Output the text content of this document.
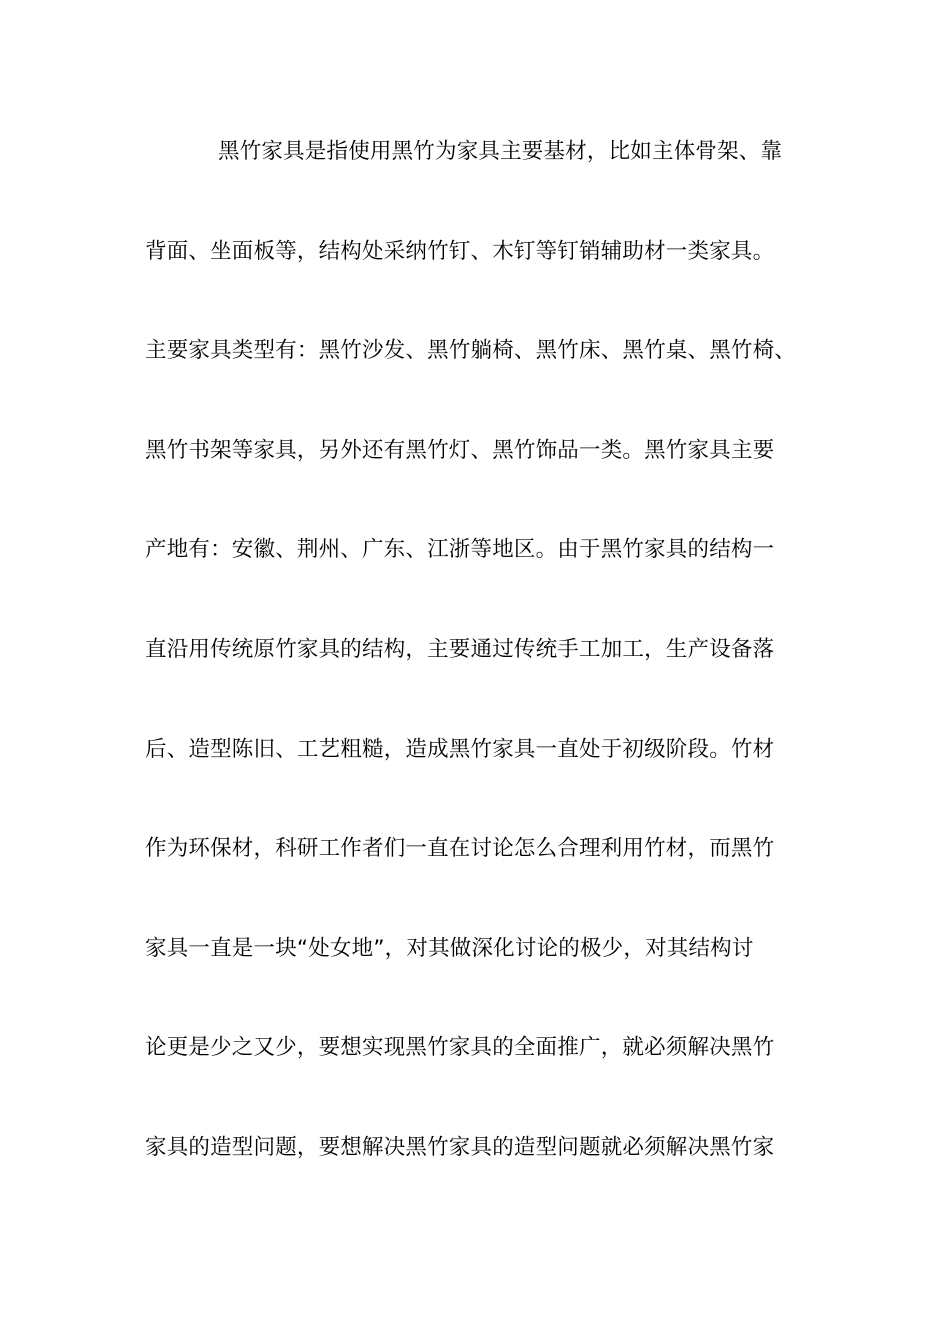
黑竹家具是指使用黑竹为家具主要基材，比如主体骨架、靠
背面、坐面板等，结构处采纳竹钉、木钉等钉销辅助材一类家具。
主要家具类型有：黑竹沙发、黑竹躺椅、黑竹床、黑竹桌、黑竹椅、
黑竹书架等家具，另外还有黑竹灯、黑竹饰品一类。黑竹家具主要
产地有：安徽、荆州、广东、江浙等地区。由于黑竹家具的结构一
直沿用传统原竹家具的结构，主要通过传统手工加工，生产设备落
后、造型陈旧、工艺粗糙，造成黑竹家具一直处于初级阶段。竹材
作为环保材，科研工作者们一直在讨论怎么合理利用竹材，而黑竹
家具一直是一块“处女地”，对其做深化讨论的极少，对其结构讨
论更是少之又少，要想实现黑竹家具的全面推广，就必须解决黑竹
家具的造型问题，要想解决黑竹家具的造型问题就必须解决黑竹家
